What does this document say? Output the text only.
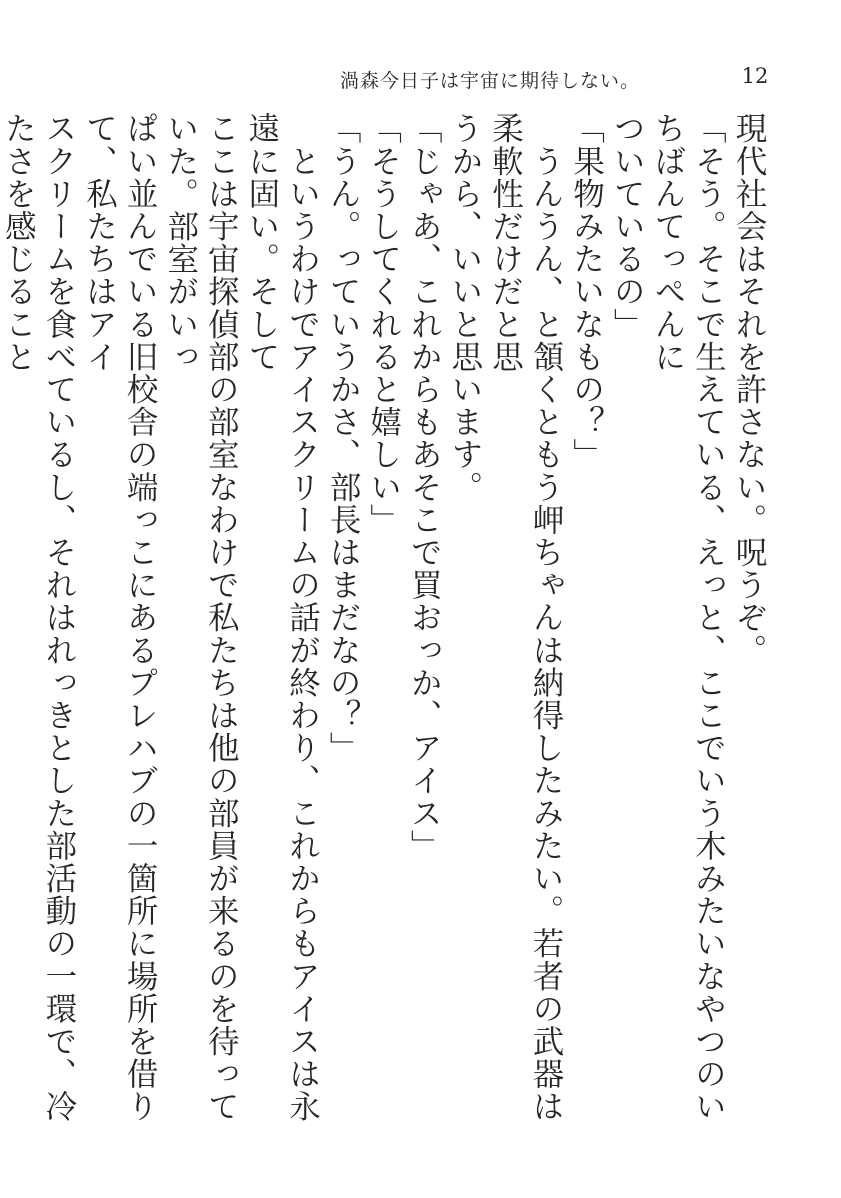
渦森今日子は宇宙に期待しない。	12

現代社会はそれを許さない。呪うぞ。

「そう。そこで生えている、えっと、ここでいう木みたいなやつのいちばんてっぺんに

ついているの」

「果物みたいなもの？」

　うんうん、と頷くともう岬ちゃんは納得したみたい。若者の武器は柔軟性だけだと思

うから、いいと思います。

「じゃあ、これからもあそこで買おっか、アイス」

「そうしてくれると嬉しい」

「うん。っていうかさ、部長はまだなの？」

　というわけでアイスクリームの話が終わり、これからもアイスは永遠に固い。そして

ここは宇宙探偵部の部室なわけで私たちは他の部員が来るのを待っていた。部室がいっ

ぱい並んでいる旧校舎の端っこにあるプレハブの一箇所に場所を借りて、私たちはアイ

スクリームを食べているし、それはれっきとした部活動の一環で、冷たさを感じること
